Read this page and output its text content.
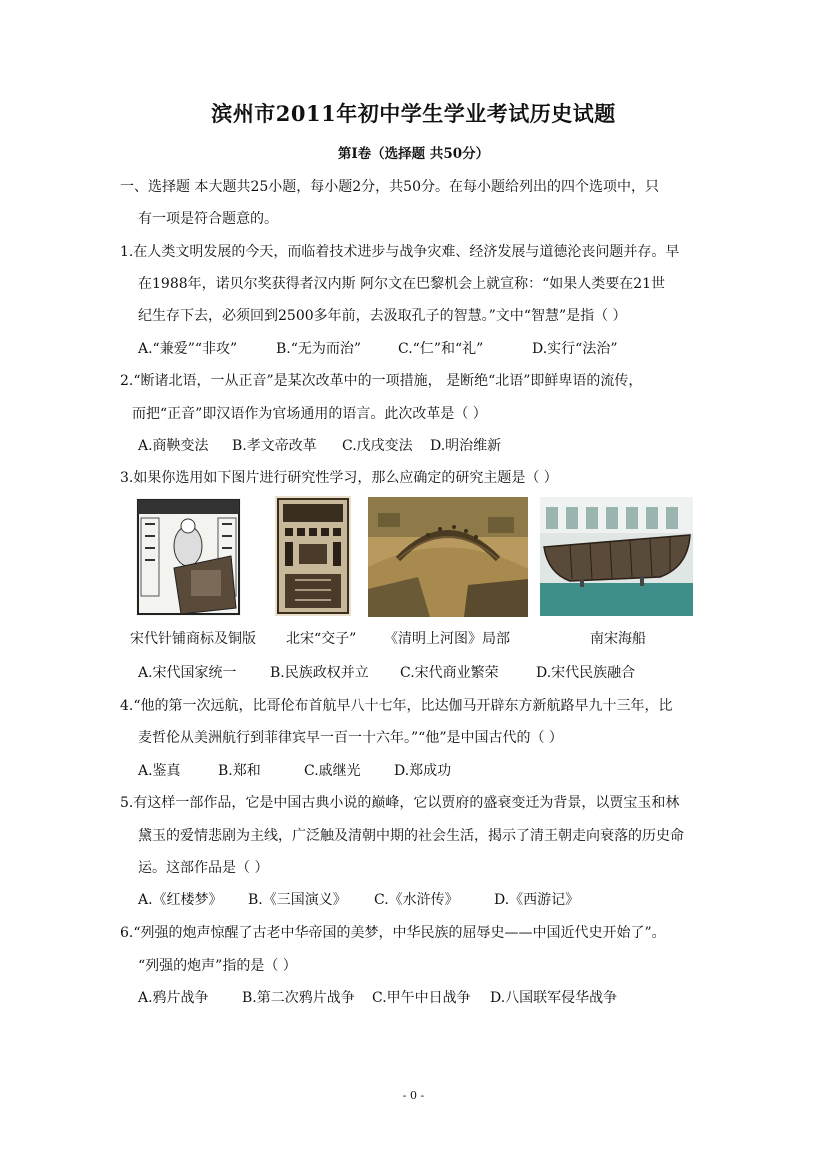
滨州市2011年初中学生学业考试历史试题
第Ⅰ卷（选择题 共50分）
一、选择题 本大题共25小题，每小题2分，共50分。在每小题给列出的四个选项中，只
有一项是符合题意的。
1.在人类文明发展的今天，而临着技术进步与战争灾难、经济发展与道德沦丧问题并存。早
在1988年，诺贝尔奖获得者汉内斯 阿尔文在巴黎机会上就宣称：“如果人类要在21世
纪生存下去，必须回到2500多年前，去汲取孔子的智慧。”文中“智慧”是指（ ）
A.“兼爱”“非攻”	B.“无为而治”	C.“仁”和“礼”	D.实行“法治”
2.“断诸北语，一从正音”是某次改革中的一项措施， 是断绝“北语”即鲜卑语的流传，
而把“正音”即汉语作为官场通用的语言。此次改革是（ ）
A.商鞅变法 B.孝文帝改革 C.戊戌变法 D.明治维新
3.如果你选用如下图片进行研究性学习，那么应确定的研究主题是（ ）
宋代针铺商标及铜版 北宋“交子” 《清明上河图》局部	南宋海船
A.宋代国家统一 B.民族政权并立 C.宋代商业繁荣	D.宋代民族融合
4.“他的第一次远航，比哥伦布首航早八十七年，比达伽马开辟东方新航路早九十三年，比
麦哲伦从美洲航行到菲律宾早一百一十六年。”“他”是中国古代的（ ）
A.鉴真	B.郑和	C.戚继光 D.郑成功
5.有这样一部作品，它是中国古典小说的巅峰，它以贾府的盛衰变迁为背景，以贾宝玉和林
黛玉的爱情悲剧为主线，广泛触及清朝中期的社会生活，揭示了清王朝走向衰落的历史命
运。这部作品是（ ）
A.《红楼梦》 B.《三国演义》 C.《水浒传》	D.《西游记》
6.“列强的炮声惊醒了古老中华帝国的美梦，中华民族的屈辱史——中国近代史开始了”。
“列强的炮声”指的是（ ）
A.鸦片战争 B.第二次鸦片战争 C.甲午中日战争 D.八国联军侵华战争
- 0 -
